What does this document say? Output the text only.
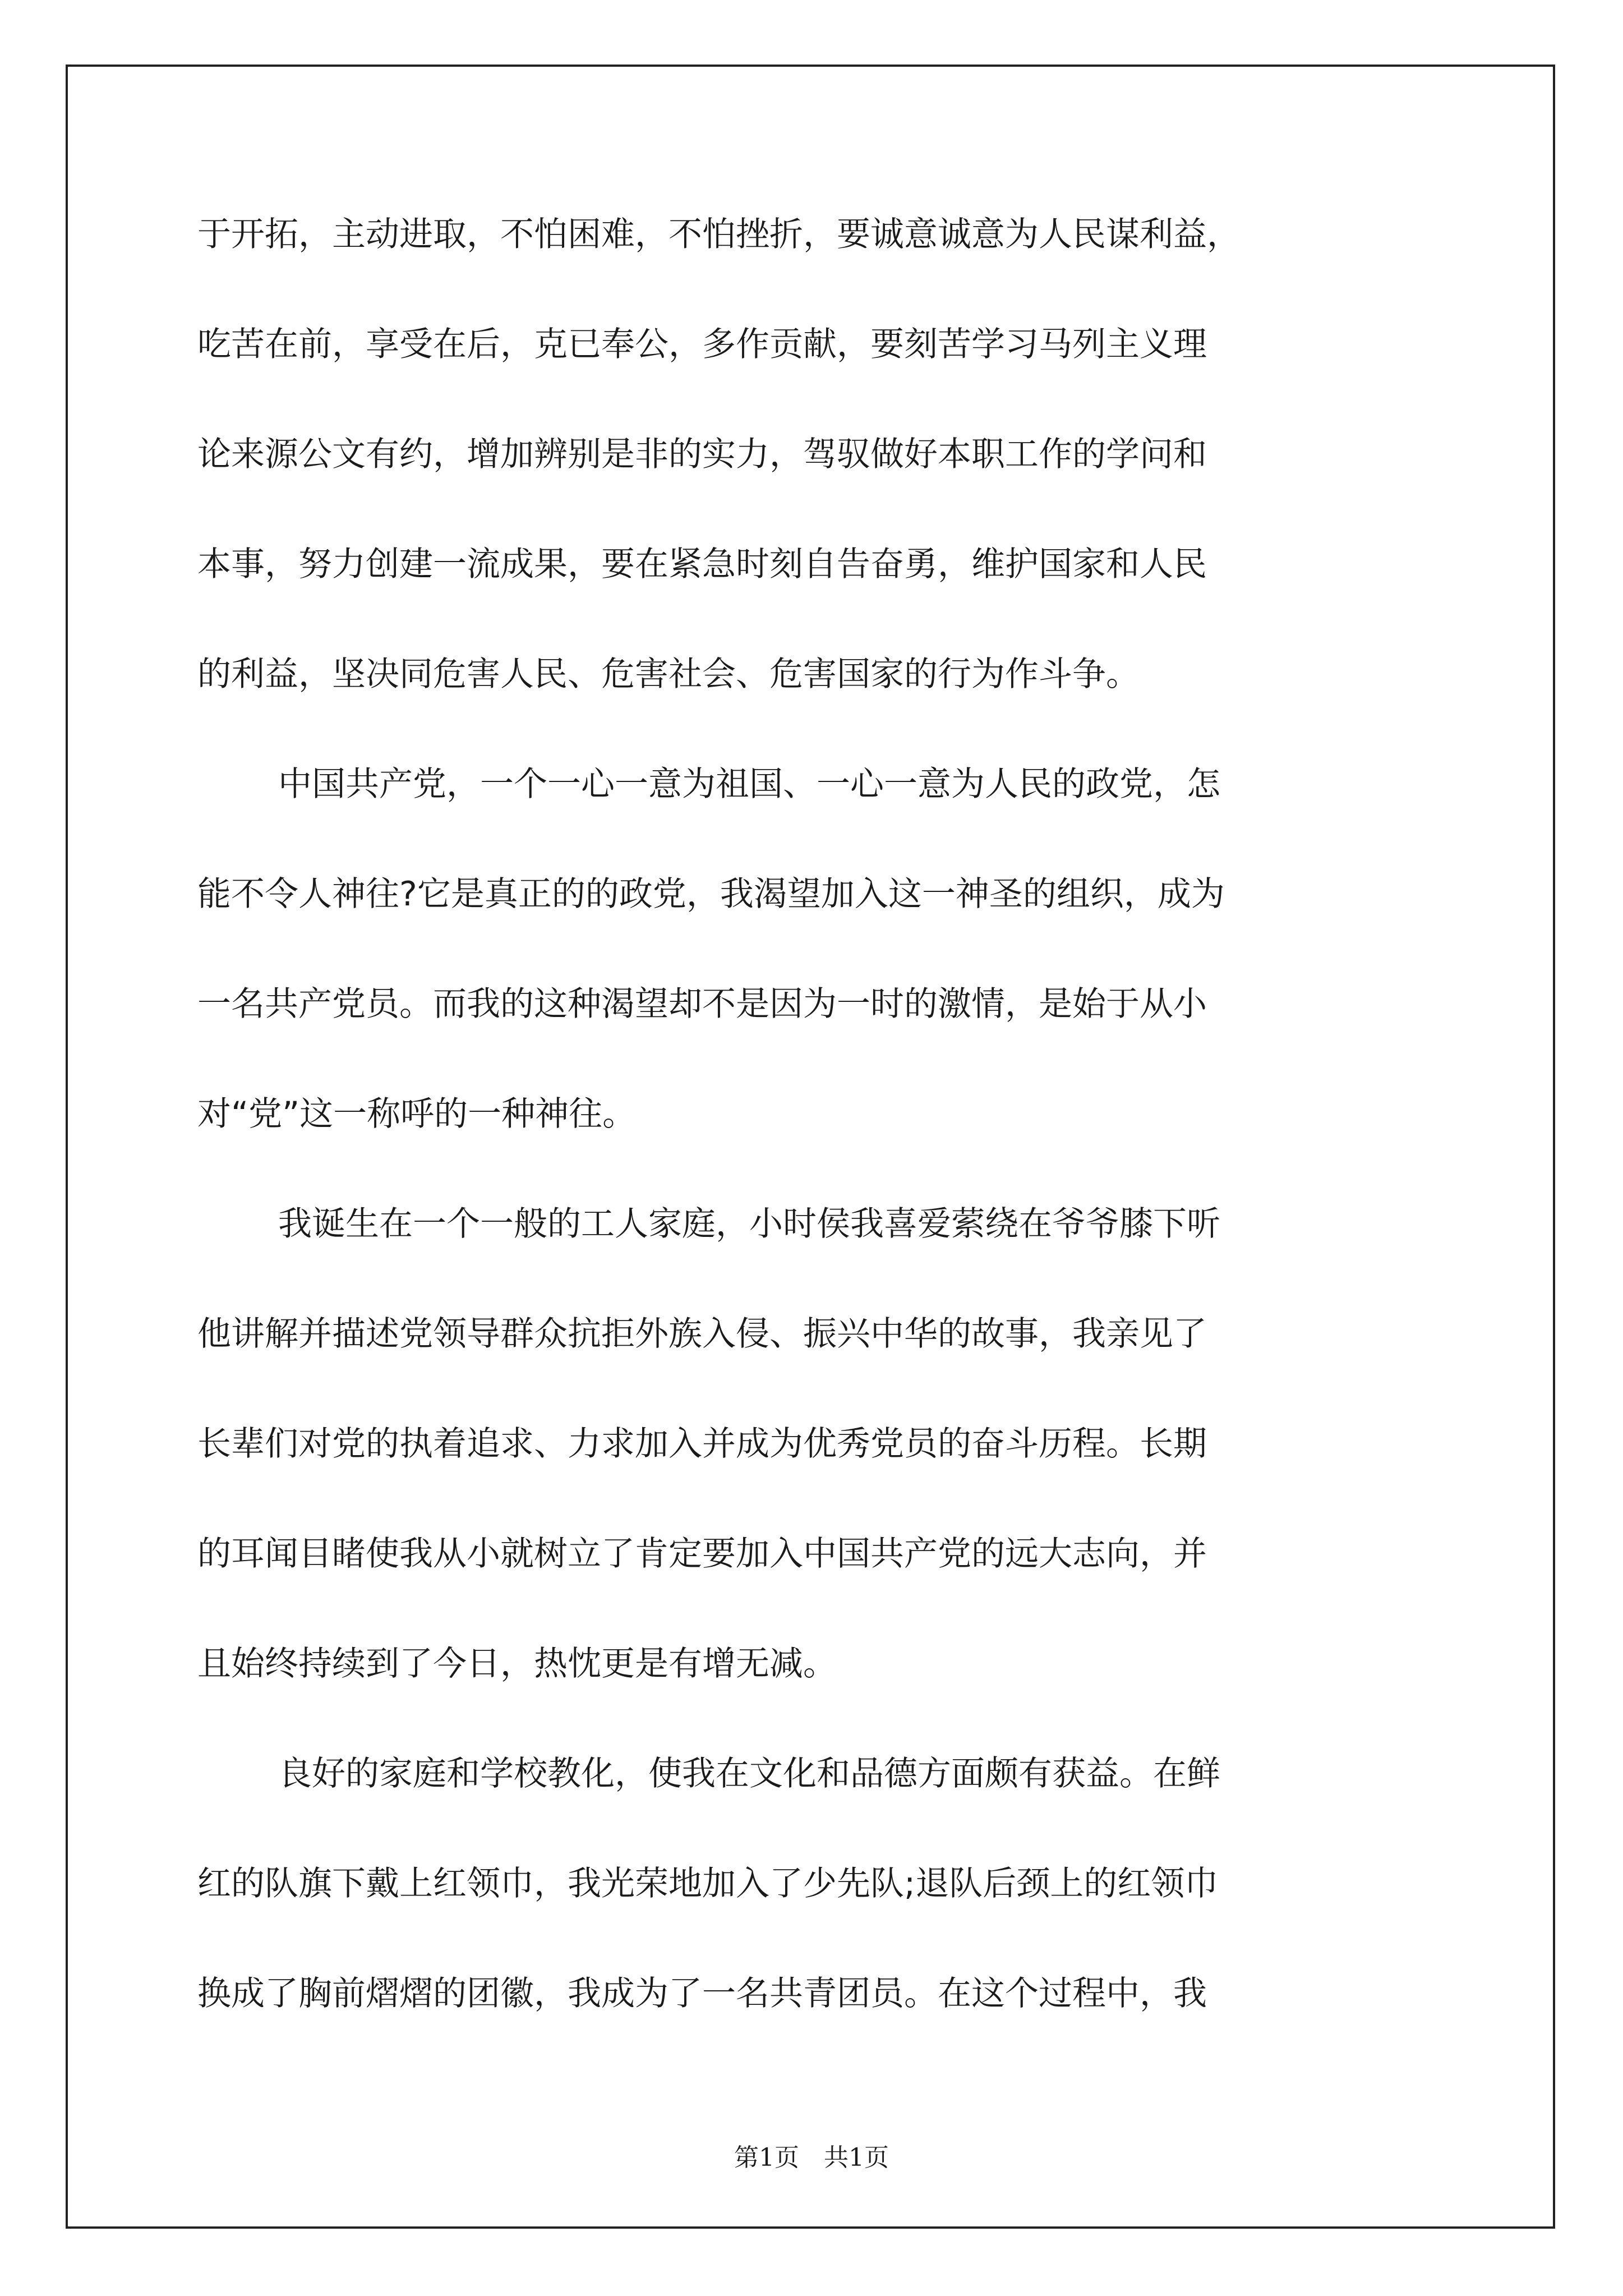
于开拓，主动进取，不怕困难，不怕挫折，要诚意诚意为人民谋利益，
吃苦在前，享受在后，克已奉公，多作贡献，要刻苦学习马列主义理
论来源公文有约，增加辨别是非的实力，驾驭做好本职工作的学问和
本事，努力创建一流成果，要在紧急时刻自告奋勇，维护国家和人民
的利益，坚决同危害人民、危害社会、危害国家的行为作斗争。
中国共产党，一个一心一意为祖国、一心一意为人民的政党，怎
能不令人神往?它是真正的的政党，我渴望加入这一神圣的组织，成为
一名共产党员。而我的这种渴望却不是因为一时的激情，是始于从小
对“党”这一称呼的一种神往。
我诞生在一个一般的工人家庭，小时侯我喜爱萦绕在爷爷膝下听
他讲解并描述党领导群众抗拒外族入侵、振兴中华的故事，我亲见了
长辈们对党的执着追求、力求加入并成为优秀党员的奋斗历程。长期
的耳闻目睹使我从小就树立了肯定要加入中国共产党的远大志向，并
且始终持续到了今日，热忱更是有增无减。
良好的家庭和学校教化，使我在文化和品德方面颇有获益。在鲜
红的队旗下戴上红领巾，我光荣地加入了少先队;退队后颈上的红领巾
换成了胸前熠熠的团徽，我成为了一名共青团员。在这个过程中，我
第1页　共1页
